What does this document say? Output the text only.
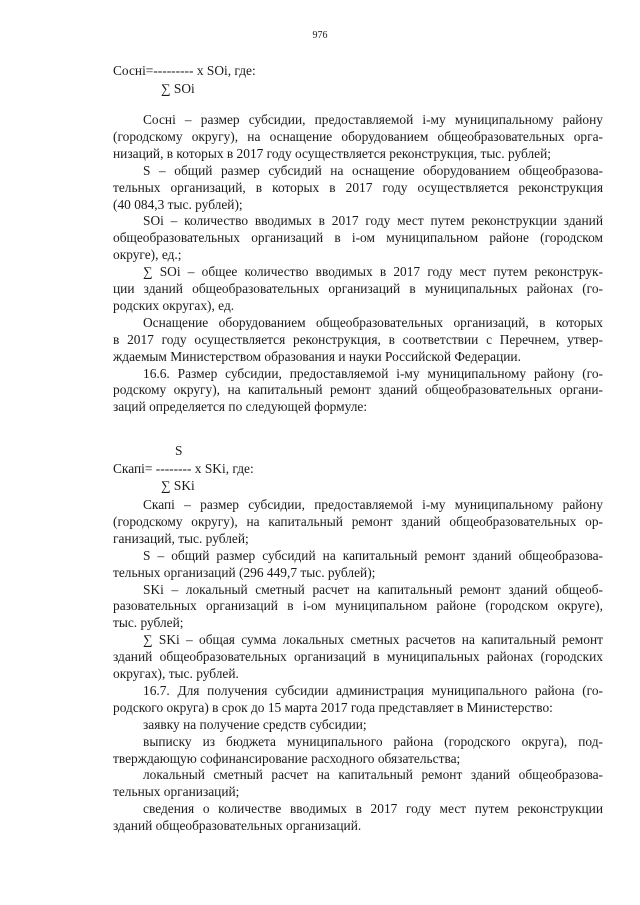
976
Соснi=--------- x SOi, где:
∑ SOi
Соснi – размер субсидии, предоставляемой i-му муниципальному району
(городскому округу), на оснащение оборудованием общеобразовательных орга-
низаций, в которых в 2017 году осуществляется реконструкция, тыс. рублей;
S – общий размер субсидий на оснащение оборудованием общеобразова-
тельных организаций, в которых в 2017 году осуществляется реконструкция
(40 084,3 тыс. рублей);
SOi – количество вводимых в 2017 году мест путем реконструкции зданий
общеобразовательных организаций в i-ом муниципальном районе (городском
округе), ед.;
∑ SOi – общее количество вводимых в 2017 году мест путем реконструк-
ции зданий общеобразовательных организаций в муниципальных районах (го-
родских округах), ед.
Оснащение оборудованием общеобразовательных организаций, в которых
в 2017 году осуществляется реконструкция, в соответствии с Перечнем, утвер-
ждаемым Министерством образования и науки Российской Федерации.
16.6. Размер субсидии, предоставляемой i-му муниципальному району (го-
родскому округу), на капитальный ремонт зданий общеобразовательных органи-
заций определяется по следующей формуле:
S
Скапi= -------- x SKi, где:
∑ SKi
Скапi – размер субсидии, предоставляемой i-му муниципальному району
(городскому округу), на капитальный ремонт зданий общеобразовательных ор-
ганизаций, тыс. рублей;
S – общий размер субсидий на капитальный ремонт зданий общеобразова-
тельных организаций (296 449,7 тыс. рублей);
SKi – локальный сметный расчет на капитальный ремонт зданий общеоб-
разовательных организаций в i-ом муниципальном районе (городском округе),
тыс. рублей;
∑ SKi – общая сумма локальных сметных расчетов на капитальный ремонт
зданий общеобразовательных организаций в муниципальных районах (городских
округах), тыс. рублей.
16.7. Для получения субсидии администрация муниципального района (го-
родского округа) в срок до 15 марта 2017 года представляет в Министерство:
заявку на получение средств субсидии;
выписку из бюджета муниципального района (городского округа), под-
тверждающую софинансирование расходного обязательства;
локальный сметный расчет на капитальный ремонт зданий общеобразова-
тельных организаций;
сведения о количестве вводимых в 2017 году мест путем реконструкции
зданий общеобразовательных организаций.
